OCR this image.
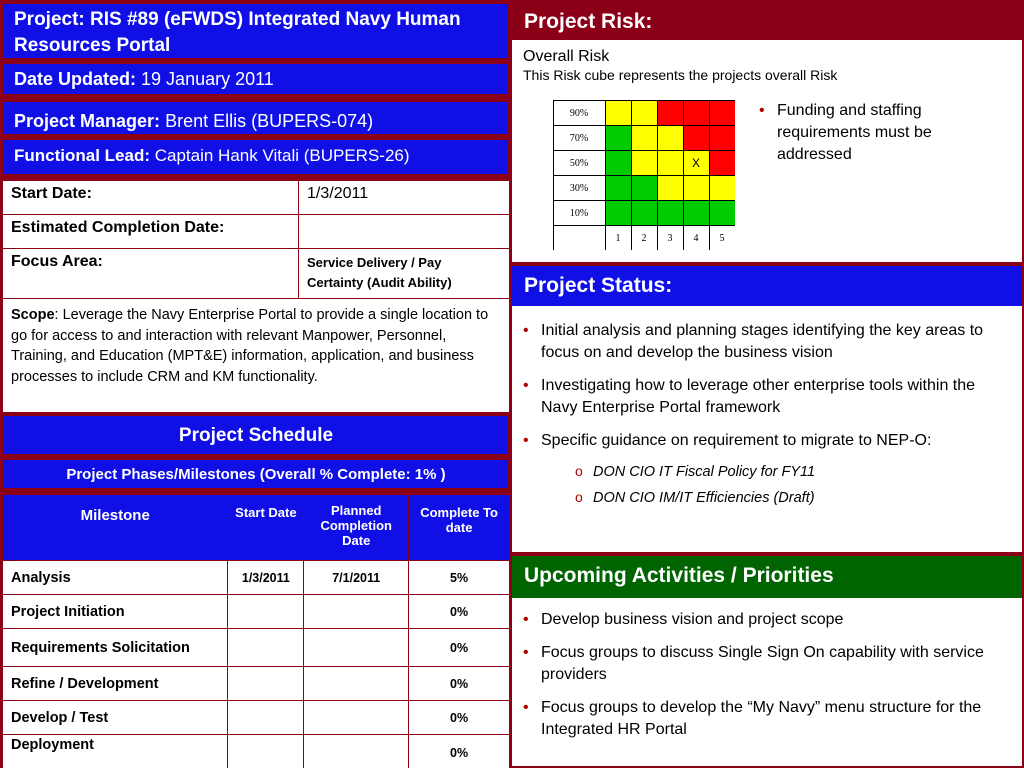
Project: RIS #89 (eFWDS) Integrated Navy Human Resources Portal
Date Updated: 19 January 2011
Project Manager: Brent Ellis (BUPERS-074)
Functional Lead: Captain Hank Vitali (BUPERS-26)
Start Date:	1/3/2011
Estimated Completion Date:	
Focus Area:	Service Delivery / Pay Certainty (Audit Ability)
Scope: Leverage the Navy Enterprise Portal to provide a single location to go for access to and interaction with relevant Manpower, Personnel, Training, and Education (MPT&E) information, application, and business processes to include CRM and KM functionality.	
Project Schedule
Project Phases/Milestones (Overall % Complete: 1% )
Milestone	Start Date	Planned Completion Date	Complete To date
Analysis	1/3/2011	7/1/2011	5%
Project Initiation			0%
Requirements Solicitation			0%
Refine / Development			0%
Develop / Test			0%
Deployment			0%
Project Risk:
Overall Risk
This Risk cube represents the projects overall Risk
90%
70%
50%
30%
10%
1 2 3 4 5
X
• Funding and staffing requirements must be addressed
Project Status:
• Initial analysis and planning stages identifying the key areas to focus on and develop the business vision
• Investigating how to leverage other enterprise tools within the Navy Enterprise Portal framework
• Specific guidance on requirement to migrate to NEP-O:
o DON CIO IT Fiscal Policy for FY11
o DON CIO IM/IT Efficiencies (Draft)
Upcoming Activities / Priorities
• Develop business vision and project scope
• Focus groups to discuss Single Sign On capability with service providers
• Focus groups to develop the “My Navy” menu structure for the Integrated HR Portal
